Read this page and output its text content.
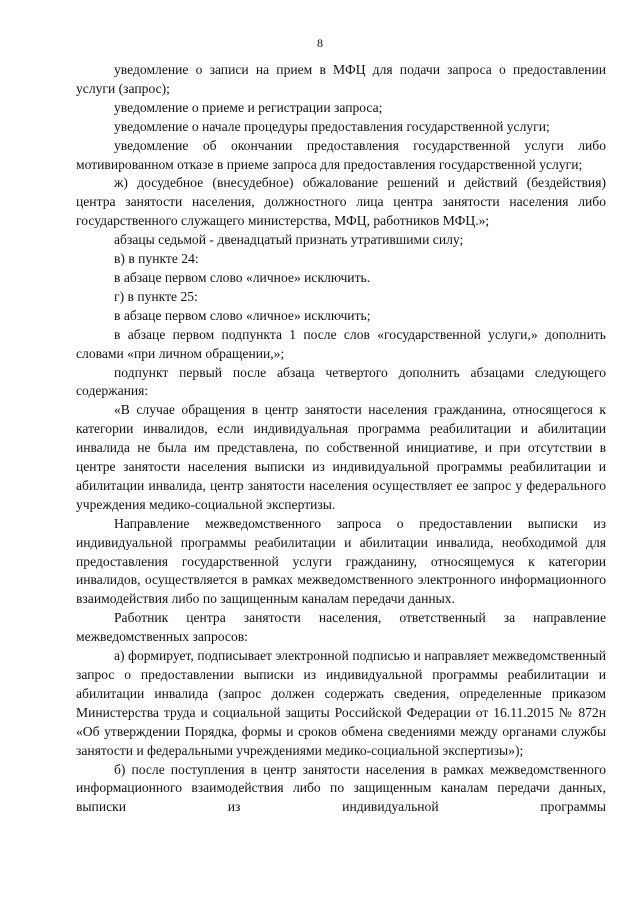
8

уведомление о записи на прием в МФЦ для подачи запроса о предоставлении услуги (запрос);

уведомление о приеме и регистрации запроса;

уведомление о начале процедуры предоставления государственной услуги;

уведомление об окончании предоставления государственной услуги либо мотивированном отказе в приеме запроса для предоставления государственной услуги;

ж) досудебное (внесудебное) обжалование решений и действий (бездействия) центра занятости населения, должностного лица центра занятости населения либо государственного служащего министерства, МФЦ, работников МФЦ.»;

абзацы седьмой - двенадцатый признать утратившими силу;

в) в пункте 24:

в абзаце первом слово «личное» исключить.

г) в пункте 25:

в абзаце первом слово «личное» исключить;

в абзаце первом подпункта 1 после слов «государственной услуги,» дополнить словами «при личном обращении,»;

подпункт первый после абзаца четвертого дополнить абзацами следующего содержания:

«В случае обращения в центр занятости населения гражданина, относящегося к категории инвалидов, если индивидуальная программа реабилитации и абилитации инвалида не была им представлена, по собственной инициативе, и при отсутствии в центре занятости населения выписки из индивидуальной программы реабилитации и абилитации инвалида, центр занятости населения осуществляет ее запрос у федерального учреждения медико-социальной экспертизы.

Направление межведомственного запроса о предоставлении выписки из индивидуальной программы реабилитации и абилитации инвалида, необходимой для предоставления государственной услуги гражданину, относящемуся к категории инвалидов, осуществляется в рамках межведомственного электронного информационного взаимодействия либо по защищенным каналам передачи данных.

Работник центра занятости населения, ответственный за направление межведомственных запросов:

а) формирует, подписывает электронной подписью и направляет межведомственный запрос о предоставлении выписки из индивидуальной программы реабилитации и абилитации инвалида (запрос должен содержать сведения, определенные приказом Министерства труда и социальной защиты Российской Федерации от 16.11.2015 № 872н «Об утверждении Порядка, формы и сроков обмена сведениями между органами службы занятости и федеральными учреждениями медико-социальной экспертизы»);

б) после поступления в центр занятости населения в рамках межведомственного информационного взаимодействия либо по защищенным каналам передачи данных, выписки из индивидуальной программы
